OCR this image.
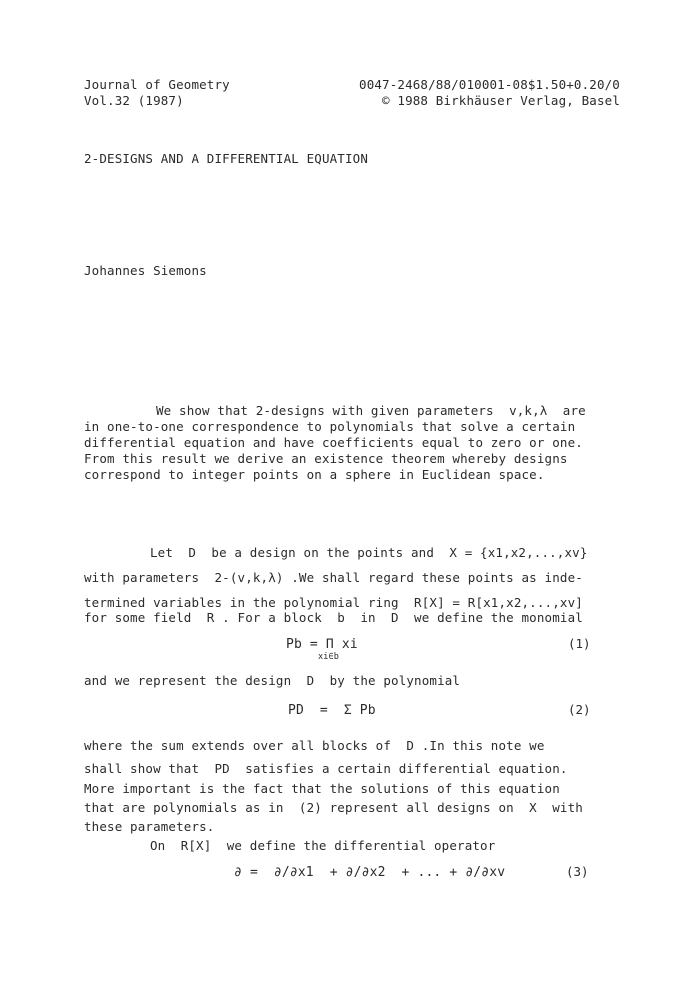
Journal of Geometry
Vol.32 (1987)
0047-2468/88/010001-08$1.50+0.20/0
© 1988 Birkhäuser Verlag, Basel
2-DESIGNS AND A DIFFERENTIAL EQUATION
Johannes Siemons
We show that 2-designs with given parameters  v,k,λ  are
in one-to-one correspondence to polynomials that solve a certain
differential equation and have coefficients equal to zero or one.
From this result we derive an existence theorem whereby designs
correspond to integer points on a sphere in Euclidean space.
Let  D  be a design on the points and  X = {x1,x2,...,xv}
with parameters  2-(v,k,λ) .We shall regard these points as inde-
termined variables in the polynomial ring  R[X] = R[x1,x2,...,xv]
for some field  R . For a block  b  in  D  we define the monomial
Pb = Π xi
xi∈b
(1)
and we represent the design  D  by the polynomial
PD  =  Σ Pb	(2)
where the sum extends over all blocks of  D .In this note we
shall show that  PD  satisfies a certain differential equation.
More important is the fact that the solutions of this equation
that are polynomials as in  (2) represent all designs on  X  with
these parameters.
On  R[X]  we define the differential operator
∂ =  ∂/∂x1  + ∂/∂x2  + ... + ∂/∂xv	(3)
